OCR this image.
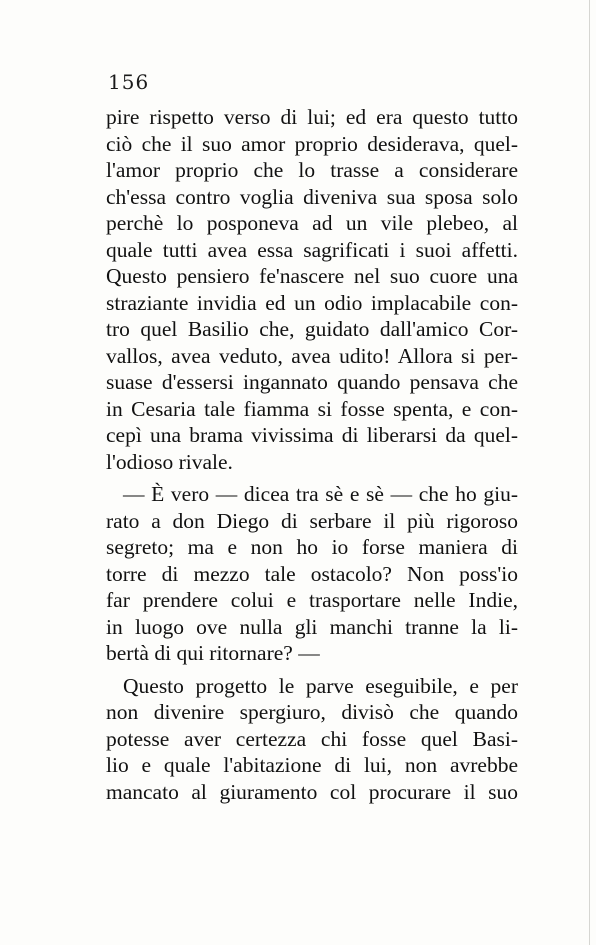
156
pire rispetto verso di lui; ed era questo tutto
ciò che il suo amor proprio desiderava, quel-
l'amor proprio che lo trasse a considerare
ch'essa contro voglia diveniva sua sposa solo
perchè lo posponeva ad un vile plebeo, al
quale tutti avea essa sagrificati i suoi affetti.
Questo pensiero fe'nascere nel suo cuore una
straziante invidia ed un odio implacabile con-
tro quel Basilio che, guidato dall'amico Cor-
vallos, avea veduto, avea udito! Allora si per-
suase d'essersi ingannato quando pensava che
in Cesaria tale fiamma si fosse spenta, e con-
cepì una brama vivissima di liberarsi da quel-
l'odioso rivale.
— È vero — dicea tra sè e sè — che ho giu-
rato a don Diego di serbare il più rigoroso
segreto; ma e non ho io forse maniera di
torre di mezzo tale ostacolo? Non poss'io
far prendere colui e trasportare nelle Indie,
in luogo ove nulla gli manchi tranne la li-
bertà di qui ritornare? —
Questo progetto le parve eseguibile, e per
non divenire spergiuro, divisò che quando
potesse aver certezza chi fosse quel Basi-
lio e quale l'abitazione di lui, non avrebbe
mancato al giuramento col procurare il suo
